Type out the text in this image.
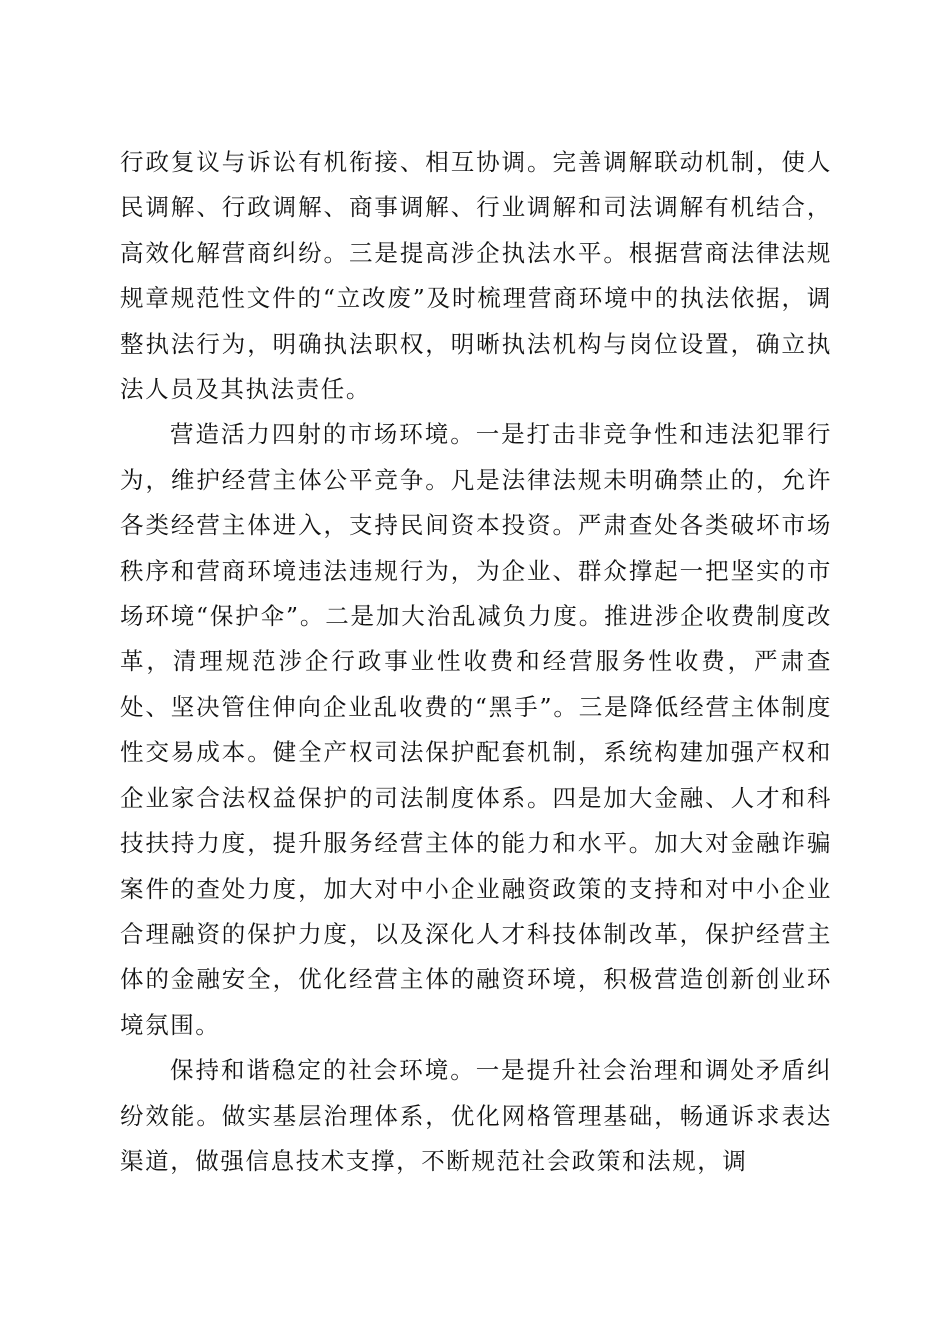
行政复议与诉讼有机衔接、相互协调。完善调解联动机制，使人民调解、行政调解、商事调解、行业调解和司法调解有机结合，高效化解营商纠纷。三是提高涉企执法水平。根据营商法律法规规章规范性文件的“立改废”及时梳理营商环境中的执法依据，调整执法行为，明确执法职权，明晰执法机构与岗位设置，确立执法人员及其执法责任。

营造活力四射的市场环境。一是打击非竞争性和违法犯罪行为，维护经营主体公平竞争。凡是法律法规未明确禁止的，允许各类经营主体进入，支持民间资本投资。严肃查处各类破坏市场秩序和营商环境违法违规行为，为企业、群众撑起一把坚实的市场环境“保护伞”。二是加大治乱减负力度。推进涉企收费制度改革，清理规范涉企行政事业性收费和经营服务性收费，严肃查处、坚决管住伸向企业乱收费的“黑手”。三是降低经营主体制度性交易成本。健全产权司法保护配套机制，系统构建加强产权和企业家合法权益保护的司法制度体系。四是加大金融、人才和科技扶持力度，提升服务经营主体的能力和水平。加大对金融诈骗案件的查处力度，加大对中小企业融资政策的支持和对中小企业合理融资的保护力度，以及深化人才科技体制改革，保护经营主体的金融安全，优化经营主体的融资环境，积极营造创新创业环境氛围。

保持和谐稳定的社会环境。一是提升社会治理和调处矛盾纠纷效能。做实基层治理体系，优化网格管理基础，畅通诉求表达渠道，做强信息技术支撑，不断规范社会政策和法规，调
